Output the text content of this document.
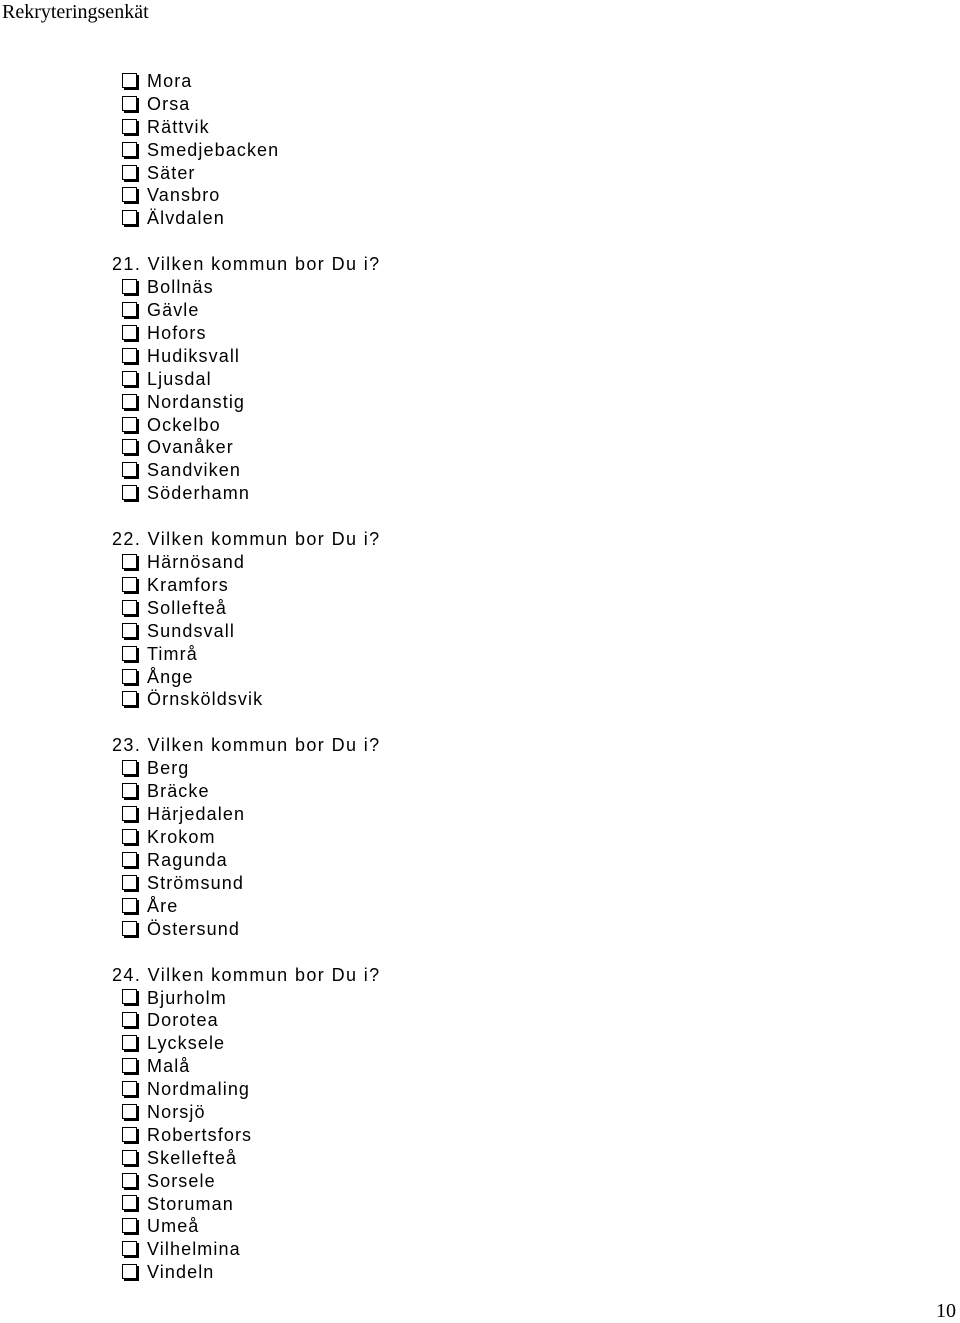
Rekryteringsenkät
Mora
Orsa
Rättvik
Smedjebacken
Säter
Vansbro
Älvdalen
21. Vilken kommun bor Du i?
Bollnäs
Gävle
Hofors
Hudiksvall
Ljusdal
Nordanstig
Ockelbo
Ovanåker
Sandviken
Söderhamn
22. Vilken kommun bor Du i?
Härnösand
Kramfors
Sollefteå
Sundsvall
Timrå
Ånge
Örnsköldsvik
23. Vilken kommun bor Du i?
Berg
Bräcke
Härjedalen
Krokom
Ragunda
Strömsund
Åre
Östersund
24. Vilken kommun bor Du i?
Bjurholm
Dorotea
Lycksele
Malå
Nordmaling
Norsjö
Robertsfors
Skellefteå
Sorsele
Storuman
Umeå
Vilhelmina
Vindeln
10
